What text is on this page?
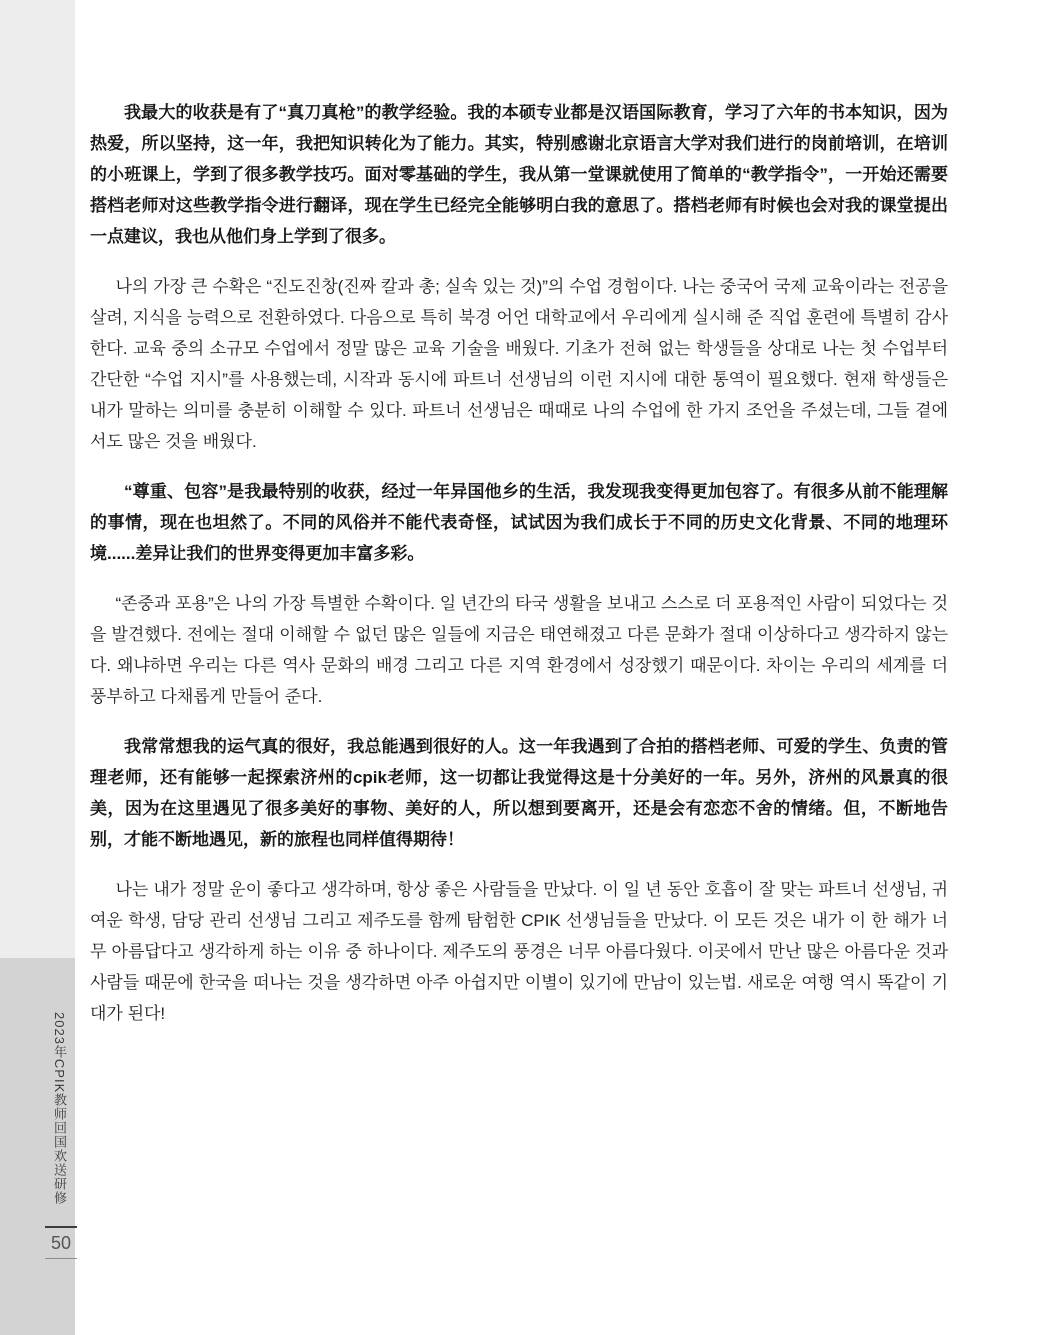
2023年CPIK教师回国欢送研修
50

我最大的收获是有了“真刀真枪”的教学经验。我的本硕专业都是汉语国际教育，学习了六年的书本知识，因为热爱，所以坚持，这一年，我把知识转化为了能力。其实，特别感谢北京语言大学对我们进行的岗前培训，在培训的小班课上，学到了很多教学技巧。面对零基础的学生，我从第一堂课就使用了简单的“教学指令”，一开始还需要搭档老师对这些教学指令进行翻译，现在学生已经完全能够明白我的意思了。搭档老师有时候也会对我的课堂提出一点建议，我也从他们身上学到了很多。

나의 가장 큰 수확은 “진도진창(진짜 칼과 총; 실속 있는 것)”의 수업 경험이다. 나는 중국어 국제 교육이라는 전공을 살려, 지식을 능력으로 전환하였다. 다음으로 특히 북경 어언 대학교에서 우리에게 실시해 준 직업 훈련에 특별히 감사한다. 교육 중의 소규모 수업에서 정말 많은 교육 기술을 배웠다. 기초가 전혀 없는 학생들을 상대로 나는 첫 수업부터 간단한 “수업 지시”를 사용했는데, 시작과 동시에 파트너 선생님의 이런 지시에 대한 통역이 필요했다. 현재 학생들은 내가 말하는 의미를 충분히 이해할 수 있다. 파트너 선생님은 때때로 나의 수업에 한 가지 조언을 주셨는데, 그들 곁에서도 많은 것을 배웠다.

“尊重、包容”是我最特别的收获，经过一年异国他乡的生活，我发现我变得更加包容了。有很多从前不能理解的事情，现在也坦然了。不同的风俗并不能代表奇怪，试试因为我们成长于不同的历史文化背景、不同的地理环境......差异让我们的世界变得更加丰富多彩。

“존중과 포용”은 나의 가장 특별한 수확이다. 일 년간의 타국 생활을 보내고 스스로 더 포용적인 사람이 되었다는 것을 발견했다. 전에는 절대 이해할 수 없던 많은 일들에 지금은 태연해졌고 다른 문화가 절대 이상하다고 생각하지 않는다. 왜냐하면 우리는 다른 역사 문화의 배경 그리고 다른 지역 환경에서 성장했기 때문이다. 차이는 우리의 세계를 더 풍부하고 다채롭게 만들어 준다.

我常常想我的运气真的很好，我总能遇到很好的人。这一年我遇到了合拍的搭档老师、可爱的学生、负责的管理老师，还有能够一起探索济州的cpik老师，这一切都让我觉得这是十分美好的一年。另外，济州的风景真的很美，因为在这里遇见了很多美好的事物、美好的人，所以想到要离开，还是会有恋恋不舍的情绪。但，不断地告别，才能不断地遇见，新的旅程也同样值得期待！

나는 내가 정말 운이 좋다고 생각하며, 항상 좋은 사람들을 만났다. 이 일 년 동안 호흡이 잘 맞는 파트너 선생님, 귀여운 학생, 담당 관리 선생님 그리고 제주도를 함께 탐험한 CPIK 선생님들을 만났다. 이 모든 것은 내가 이 한 해가 너무 아름답다고 생각하게 하는 이유 중 하나이다. 제주도의 풍경은 너무 아름다웠다. 이곳에서 만난 많은 아름다운 것과 사람들 때문에 한국을 떠나는 것을 생각하면 아주 아쉽지만 이별이 있기에 만남이 있는법. 새로운 여행 역시 똑같이 기대가 된다!
